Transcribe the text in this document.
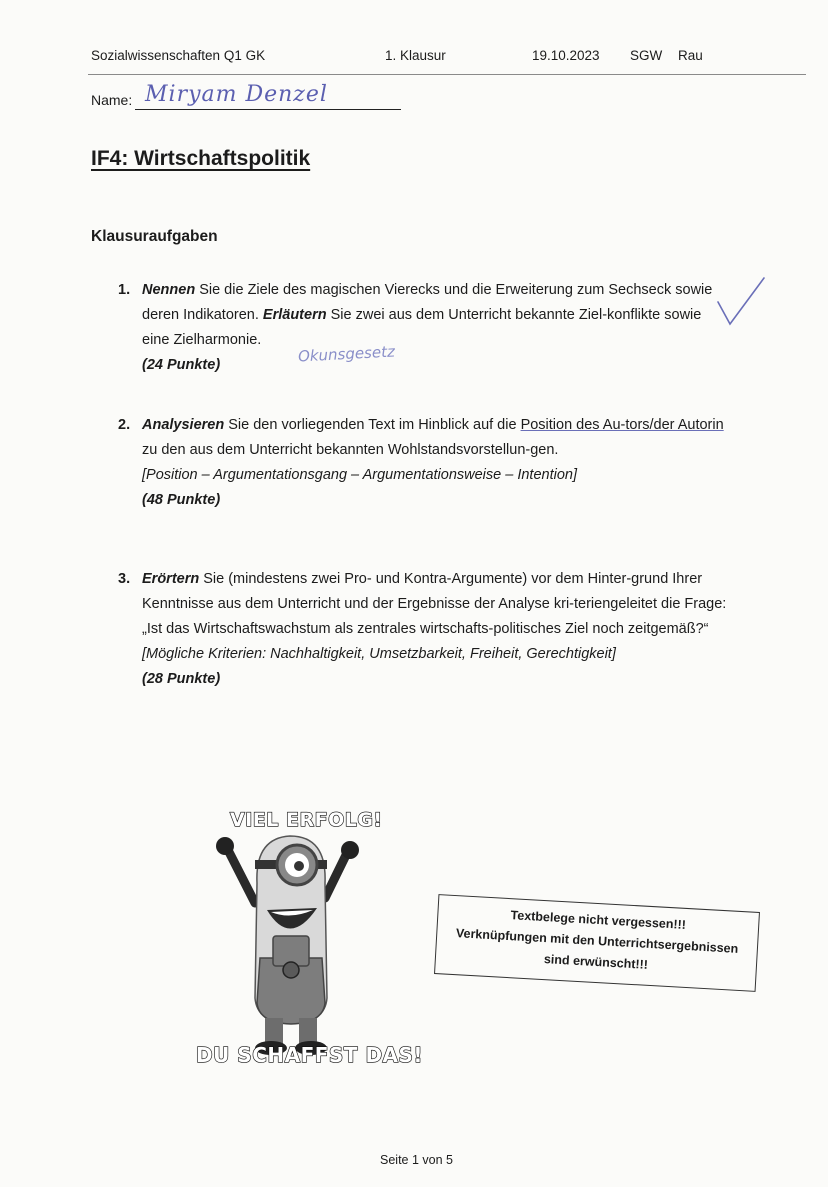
Sozialwissenschaften Q1 GK	1. Klausur	19.10.2023 SGW Rau
Name: Miryam Denzel
IF4: Wirtschaftspolitik
Klausuraufgaben
1. Nennen Sie die Ziele des magischen Vierecks und die Erweiterung zum Sechseck sowie deren Indikatoren. Erläutern Sie zwei aus dem Unterricht bekannte Ziel-konflikte sowie eine Zielharmonie.
(24 Punkte)	Okunsgesetz
2. Analysieren Sie den vorliegenden Text im Hinblick auf die Position des Au-tors/der Autorin zu den aus dem Unterricht bekannten Wohlstandsvorstellun-gen.
[Position – Argumentationsgang – Argumentationsweise – Intention]
(48 Punkte)
3. Erörtern Sie (mindestens zwei Pro- und Kontra-Argumente) vor dem Hinter-grund Ihrer Kenntnisse aus dem Unterricht und der Ergebnisse der Analyse kri-teriengeleitet die Frage: „Ist das Wirtschaftswachstum als zentrales wirtschafts-politisches Ziel noch zeitgemäß?“
[Mögliche Kriterien: Nachhaltigkeit, Umsetzbarkeit, Freiheit, Gerechtigkeit]
(28 Punkte)
VIEL ERFOLG!
DU SCHAFFST DAS!
Textbelege nicht vergessen!!!
Verknüpfungen mit den Unterrichtsergebnissen
sind erwünscht!!!
Seite 1 von 5
